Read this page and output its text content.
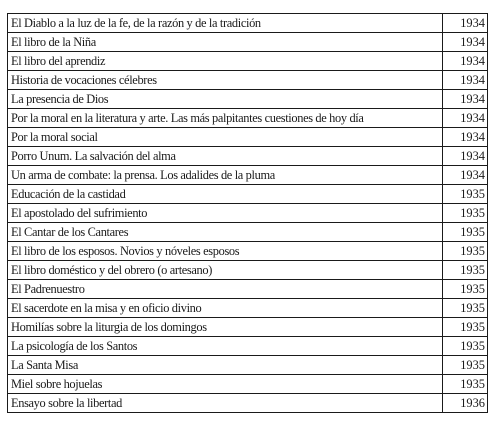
El Diablo a la luz de la fe, de la razón y de la tradición	1934
El libro de la Niña	1934
El libro del aprendiz	1934
Historia de vocaciones célebres	1934
La presencia de Dios	1934
Por la moral en la literatura y arte. Las más palpitantes cuestiones de hoy día	1934
Por la moral social	1934
Porro Unum. La salvación del alma	1934
Un arma de combate: la prensa. Los adalides de la pluma	1934
Educación de la castidad	1935
El apostolado del sufrimiento	1935
El Cantar de los Cantares	1935
El libro de los esposos. Novios y nóveles esposos	1935
El libro doméstico y del obrero (o artesano)	1935
El Padrenuestro	1935
El sacerdote en la misa y en oficio divino	1935
Homilías sobre la liturgia de los domingos	1935
La psicología de los Santos	1935
La Santa Misa	1935
Miel sobre hojuelas	1935
Ensayo sobre la libertad	1936
